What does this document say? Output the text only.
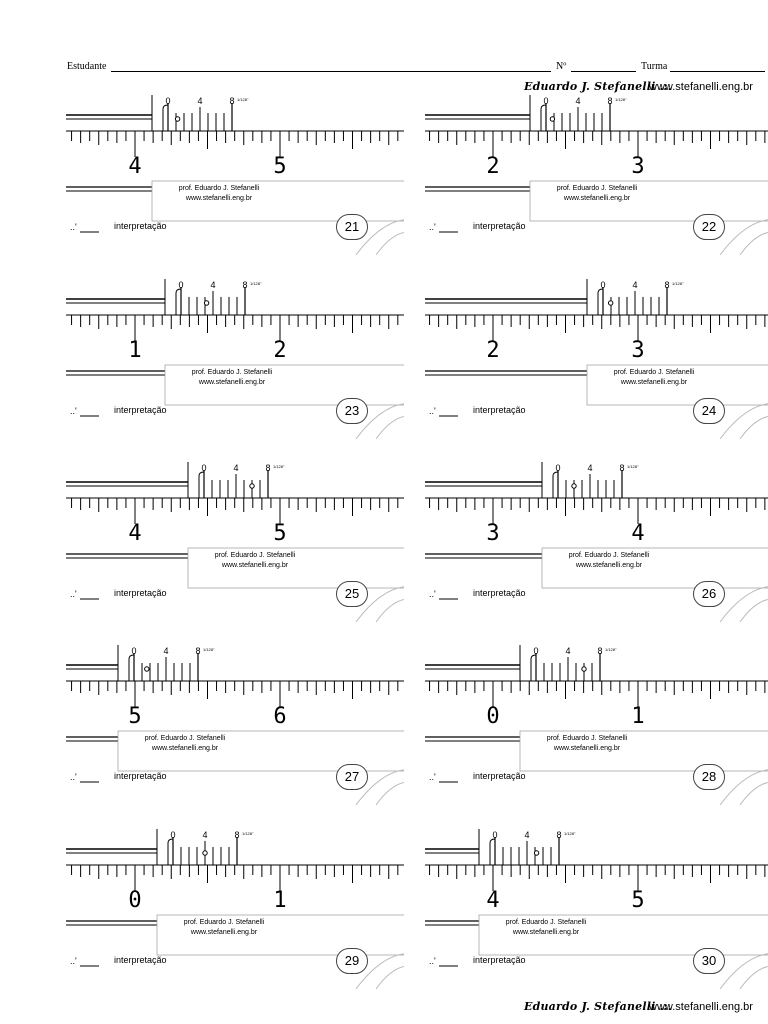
Estudante	Nº	Turma
Eduardo J. Stefanelli .:.
www.stefanelli.eng.br
4	5
0	4	8 1/128"
prof. Eduardo J. Stefanelli
www.stefanelli.eng.br
..'	interpretação	21
2	3
0	4	8 1/128"
prof. Eduardo J. Stefanelli
www.stefanelli.eng.br
..'	interpretação	22
1	2
0	4	8 1/128"
prof. Eduardo J. Stefanelli
www.stefanelli.eng.br
..'	interpretação	23
2	3
0	4	8 1/128"
prof. Eduardo J. Stefanelli
www.stefanelli.eng.br
..'	interpretação	24
4	5
0	4	8 1/128"
prof. Eduardo J. Stefanelli
www.stefanelli.eng.br
..'	interpretação	25
3	4
0	4	8 1/128"
prof. Eduardo J. Stefanelli
www.stefanelli.eng.br
..'	interpretação	26
5	6
0	4	8 1/128"
prof. Eduardo J. Stefanelli
www.stefanelli.eng.br
..'	interpretação	27
0	1
0	4	8 1/128"
prof. Eduardo J. Stefanelli
www.stefanelli.eng.br
..'	interpretação	28
0	1
0	4	8 1/128"
prof. Eduardo J. Stefanelli
www.stefanelli.eng.br
..'	interpretação	29
4	5
0	4	8 1/128"
prof. Eduardo J. Stefanelli
www.stefanelli.eng.br
..'	interpretação	30
Eduardo J. Stefanelli .:.
www.stefanelli.eng.br
